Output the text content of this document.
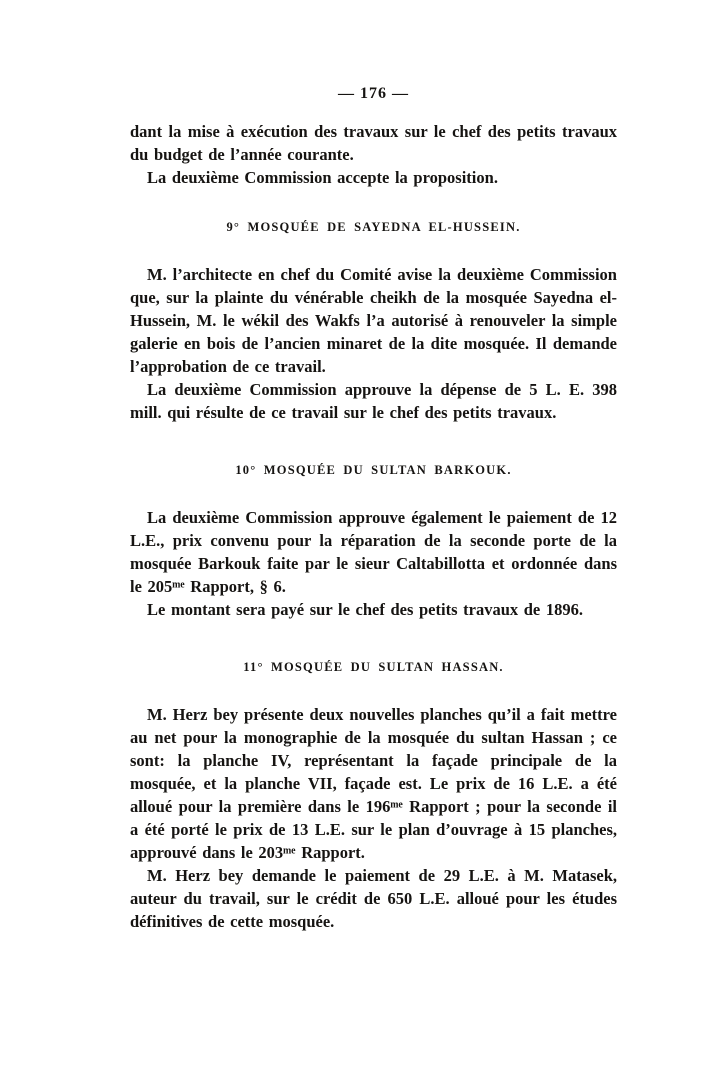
— 176 —

dant la mise à exécution des travaux sur le chef des petits travaux du budget de l’année courante.

La deuxième Commission accepte la proposition.

9° MOSQUÉE DE SAYEDNA EL-HUSSEIN.

M. l’architecte en chef du Comité avise la deuxième Commission que, sur la plainte du vénérable cheikh de la mosquée Sayedna el-Hussein, M. le wékil des Wakfs l’a autorisé à renouveler la simple galerie en bois de l’ancien minaret de la dite mosquée. Il demande l’approbation de ce travail.

La deuxième Commission approuve la dépense de 5 L. E. 398 mill. qui résulte de ce travail sur le chef des petits travaux.

10° MOSQUÉE DU SULTAN BARKOUK.

La deuxième Commission approuve également le paiement de 12 L.E., prix convenu pour la réparation de la seconde porte de la mosquée Barkouk faite par le sieur Caltabillotta et ordonnée dans le 205ᵐᵉ Rapport, § 6.

Le montant sera payé sur le chef des petits travaux de 1896.

11° MOSQUÉE DU SULTAN HASSAN.

M. Herz bey présente deux nouvelles planches qu’il a fait mettre au net pour la monographie de la mosquée du sultan Hassan ; ce sont: la planche IV, représentant la façade principale de la mosquée, et la planche VII, façade est. Le prix de 16 L.E. a été alloué pour la première dans le 196ᵐᵉ Rapport ; pour la seconde il a été porté le prix de 13 L.E. sur le plan d’ouvrage à 15 planches, approuvé dans le 203ᵐᵉ Rapport.

M. Herz bey demande le paiement de 29 L.E. à M. Matasek, auteur du travail, sur le crédit de 650 L.E. alloué pour les études définitives de cette mosquée.
